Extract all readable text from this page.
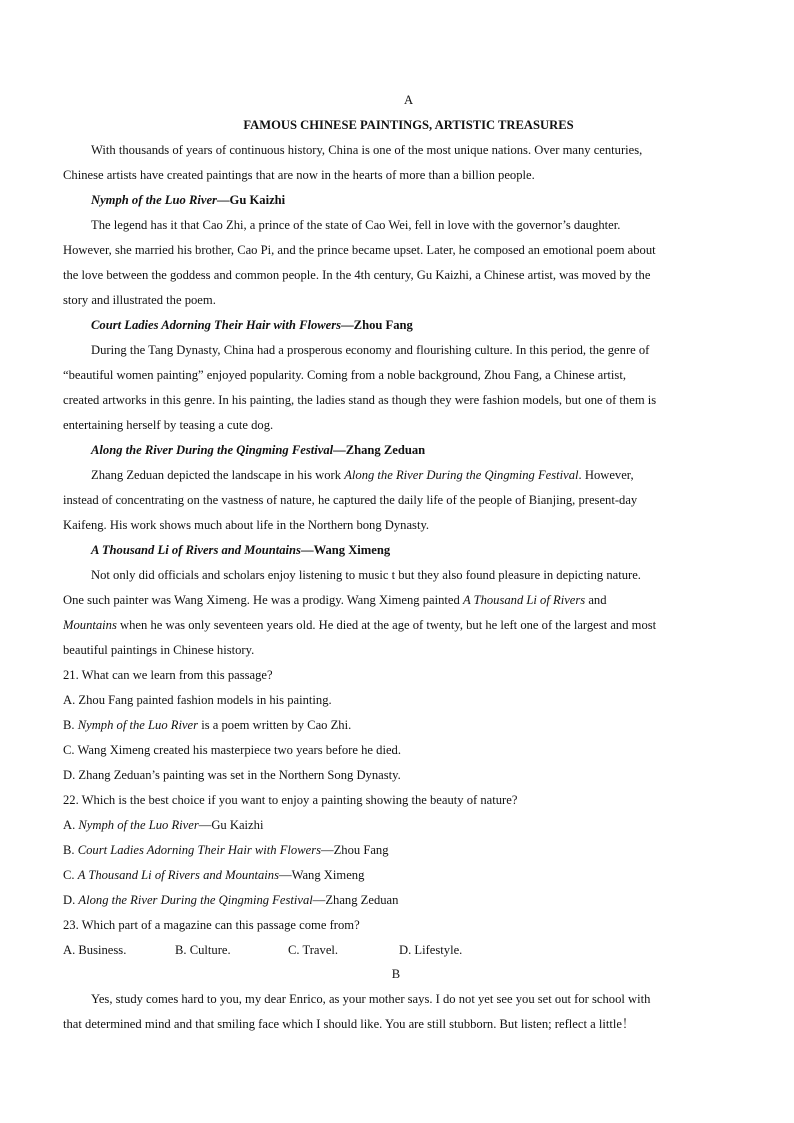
A
FAMOUS CHINESE PAINTINGS, ARTISTIC TREASURES
With thousands of years of continuous history, China is one of the most unique nations. Over many centuries,
Chinese artists have created paintings that are now in the hearts of more than a billion people.
Nymph of the Luo River—Gu Kaizhi
The legend has it that Cao Zhi, a prince of the state of Cao Wei, fell in love with the governor’s daughter.
However, she married his brother, Cao Pi, and the prince became upset. Later, he composed an emotional poem about
the love between the goddess and common people. In the 4th century, Gu Kaizhi, a Chinese artist, was moved by the
story and illustrated the poem.
Court Ladies Adorning Their Hair with Flowers—Zhou Fang
During the Tang Dynasty, China had a prosperous economy and flourishing culture. In this period, the genre of
“beautiful women painting” enjoyed popularity. Coming from a noble background, Zhou Fang, a Chinese artist,
created artworks in this genre. In his painting, the ladies stand as though they were fashion models, but one of them is
entertaining herself by teasing a cute dog.
Along the River During the Qingming Festival—Zhang Zeduan
Zhang Zeduan depicted the landscape in his work Along the River During the Qingming Festival. However,
instead of concentrating on the vastness of nature, he captured the daily life of the people of Bianjing, present-day
Kaifeng. His work shows much about life in the Northern bong Dynasty.
A Thousand Li of Rivers and Mountains—Wang Ximeng
Not only did officials and scholars enjoy listening to music t but they also found pleasure in depicting nature.
One such painter was Wang Ximeng. He was a prodigy. Wang Ximeng painted A Thousand Li of Rivers and
Mountains when he was only seventeen years old. He died at the age of twenty, but he left one of the largest and most
beautiful paintings in Chinese history.
21. What can we learn from this passage?
A. Zhou Fang painted fashion models in his painting.
B. Nymph of the Luo River is a poem written by Cao Zhi.
C. Wang Ximeng created his masterpiece two years before he died.
D. Zhang Zeduan’s painting was set in the Northern Song Dynasty.
22. Which is the best choice if you want to enjoy a painting showing the beauty of nature?
A. Nymph of the Luo River—Gu Kaizhi
B. Court Ladies Adorning Their Hair with Flowers—Zhou Fang
C. A Thousand Li of Rivers and Mountains—Wang Ximeng
D. Along the River During the Qingming Festival—Zhang Zeduan
23. Which part of a magazine can this passage come from?
A. Business.	B. Culture.	C. Travel.	D. Lifestyle.
B
Yes, study comes hard to you, my dear Enrico, as your mother says. I do not yet see you set out for school with
that determined mind and that smiling face which I should like. You are still stubborn. But listen; reflect a little！
